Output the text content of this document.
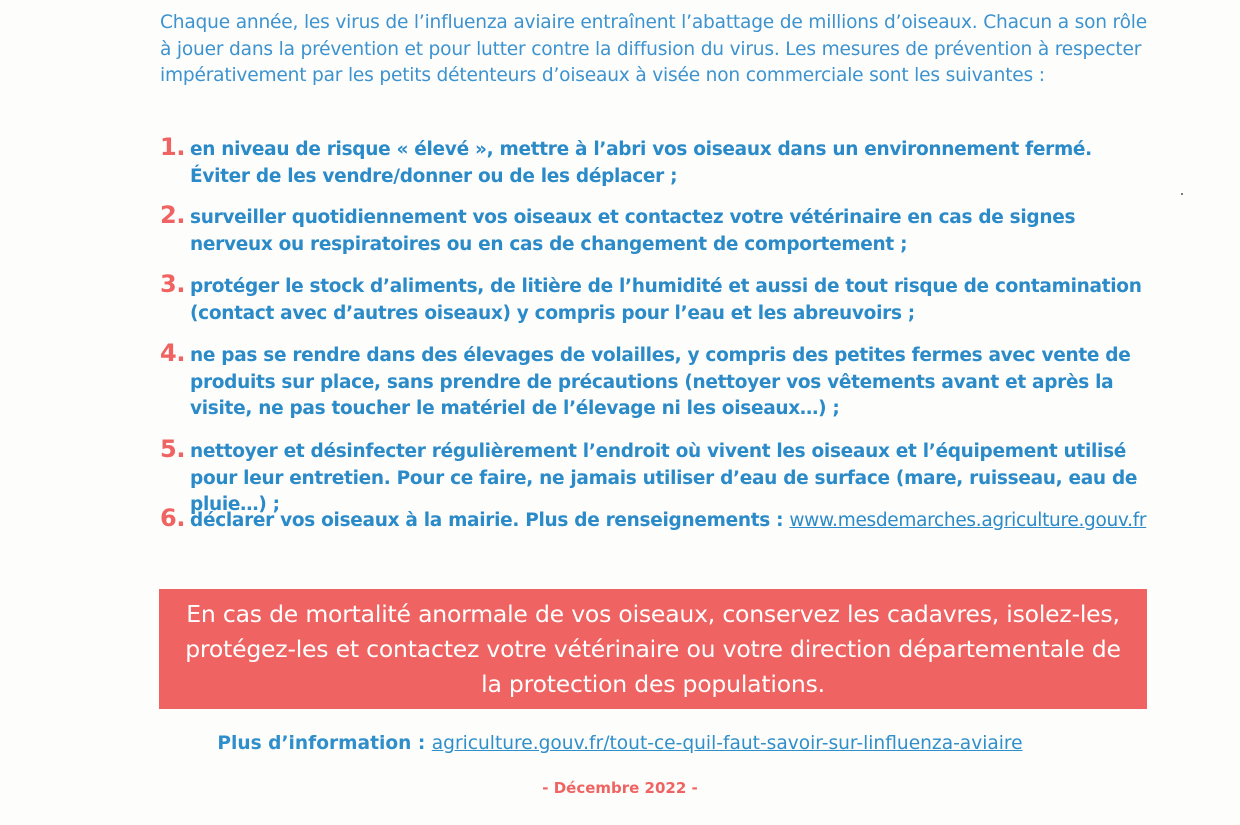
Chaque année, les virus de l’influenza aviaire entraînent l’abattage de millions d’oiseaux. Chacun a son rôle à jouer dans la prévention et pour lutter contre la diffusion du virus. Les mesures de prévention à respecter impérativement par les petits détenteurs d’oiseaux à visée non commerciale sont les suivantes :
1. en niveau de risque « élevé », mettre à l’abri vos oiseaux dans un environnement fermé. Éviter de les vendre/donner ou de les déplacer ;
2. surveiller quotidiennement vos oiseaux et contactez votre vétérinaire en cas de signes nerveux ou respiratoires ou en cas de changement de comportement ;
3. protéger le stock d’aliments, de litière de l’humidité et aussi de tout risque de contamination (contact avec d’autres oiseaux) y compris pour l’eau et les abreuvoirs ;
4. ne pas se rendre dans des élevages de volailles, y compris des petites fermes avec vente de produits sur place, sans prendre de précautions (nettoyer vos vêtements avant et après la visite, ne pas toucher le matériel de l’élevage ni les oiseaux…) ;
5. nettoyer et désinfecter régulièrement l’endroit où vivent les oiseaux et l’équipement utilisé pour leur entretien. Pour ce faire, ne jamais utiliser d’eau de surface (mare, ruisseau, eau de pluie…) ;
6. déclarer vos oiseaux à la mairie. Plus de renseignements : www.mesdemarches.agriculture.gouv.fr
En cas de mortalité anormale de vos oiseaux, conservez les cadavres, isolez-les, protégez-les et contactez votre vétérinaire ou votre direction départementale de la protection des populations.
Plus d’information : agriculture.gouv.fr/tout-ce-quil-faut-savoir-sur-linfluenza-aviaire
- Décembre 2022 -
